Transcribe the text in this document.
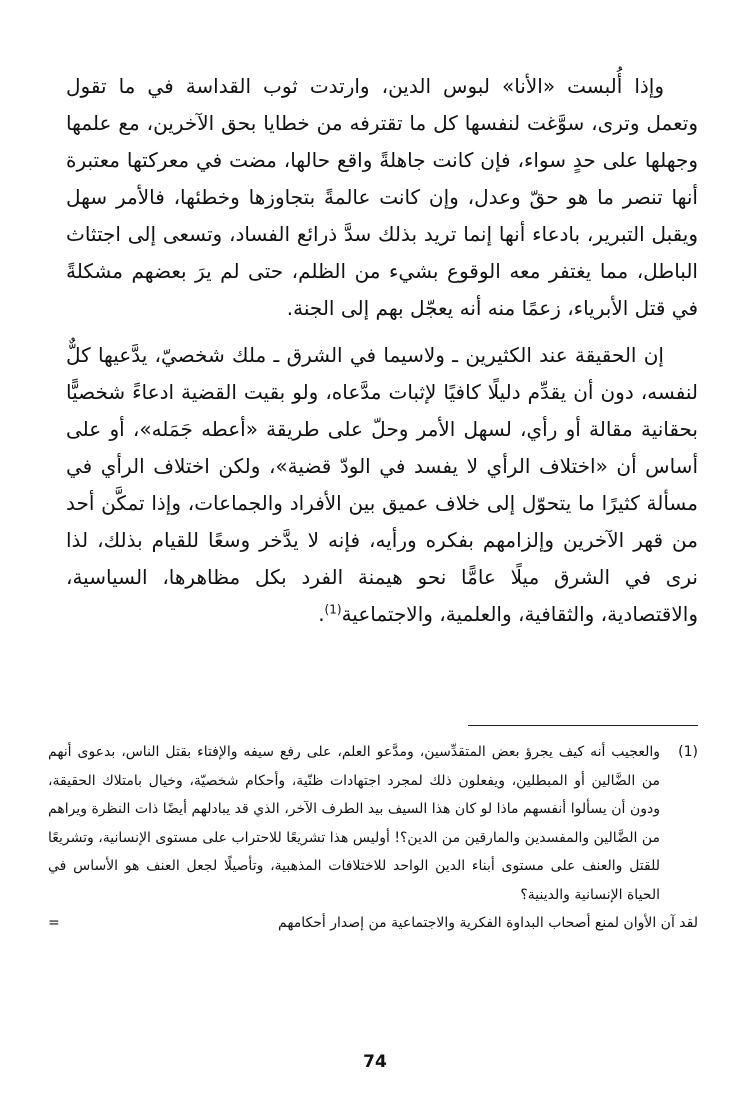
وإذا أُلبست «الأنا» لبوس الدين، وارتدت ثوب القداسة في ما تقول وتعمل وترى، سوَّغت لنفسها كل ما تقترفه من خطايا بحق الآخرين، مع علمها وجهلها على حدٍ سواء، فإن كانت جاهلةً واقع حالها، مضت في معركتها معتبرة أنها تنصر ما هو حقّ وعدل، وإن كانت عالمةً بتجاوزها وخطئها، فالأمر سهل ويقبل التبرير، بادعاء أنها إنما تريد بذلك سدَّ ذرائع الفساد، وتسعى إلى اجتثاث الباطل، مما يغتفر معه الوقوع بشيء من الظلم، حتى لم يرَ بعضهم مشكلةً في قتل الأبرياء، زعمًا منه أنه يعجّل بهم إلى الجنة.

إن الحقيقة عند الكثيرين ـ ولاسيما في الشرق ـ ملك شخصيّ، يدَّعيها كلٌّ لنفسه، دون أن يقدِّم دليلًا كافيًا لإثبات مدَّعاه، ولو بقيت القضية ادعاءً شخصيًّا بحقانية مقالة أو رأي، لسهل الأمر وحلّ على طريقة «أعطه جَمَله»، أو على أساس أن «اختلاف الرأي لا يفسد في الودّ قضية»، ولكن اختلاف الرأي في مسألة كثيرًا ما يتحوّل إلى خلاف عميق بين الأفراد والجماعات، وإذا تمكَّن أحد من قهر الآخرين وإلزامهم بفكره ورأيه، فإنه لا يدَّخر وسعًا للقيام بذلك، لذا نرى في الشرق ميلًا عامًّا نحو هيمنة الفرد بكل مظاهرها، السياسية، والاقتصادية، والثقافية، والعلمية، والاجتماعية$^{(1)}$.

(1)
والعجيب أنه كيف يجرؤ بعض المتقدِّسين، ومدَّعو العلم، على رفع سيفه والإفتاء بقتل الناس، بدعوى أنهم من الضَّالين أو المبطلين، ويفعلون ذلك لمجرد اجتهادات ظنّية، وأحكام شخصيّة، وخيال بامتلاك الحقيقة، ودون أن يسألوا أنفسهم ماذا لو كان هذا السيف بيد الطرف الآخر، الذي قد يبادلهم أيضًا ذات النظرة ويراهم من الضَّالين والمفسدين والمارقين من الدين؟! أوليس هذا تشريعًا للاحتراب على مستوى الإنسانية، وتشريعًا للقتل والعنف على مستوى أبناء الدين الواحد للاختلافات المذهبية، وتأصيلًا لجعل العنف هو الأساس في الحياة الإنسانية والدينية؟
لقد آن الأوان لمنع أصحاب البداوة الفكرية والاجتماعية من إصدار أحكامهم
=
74
